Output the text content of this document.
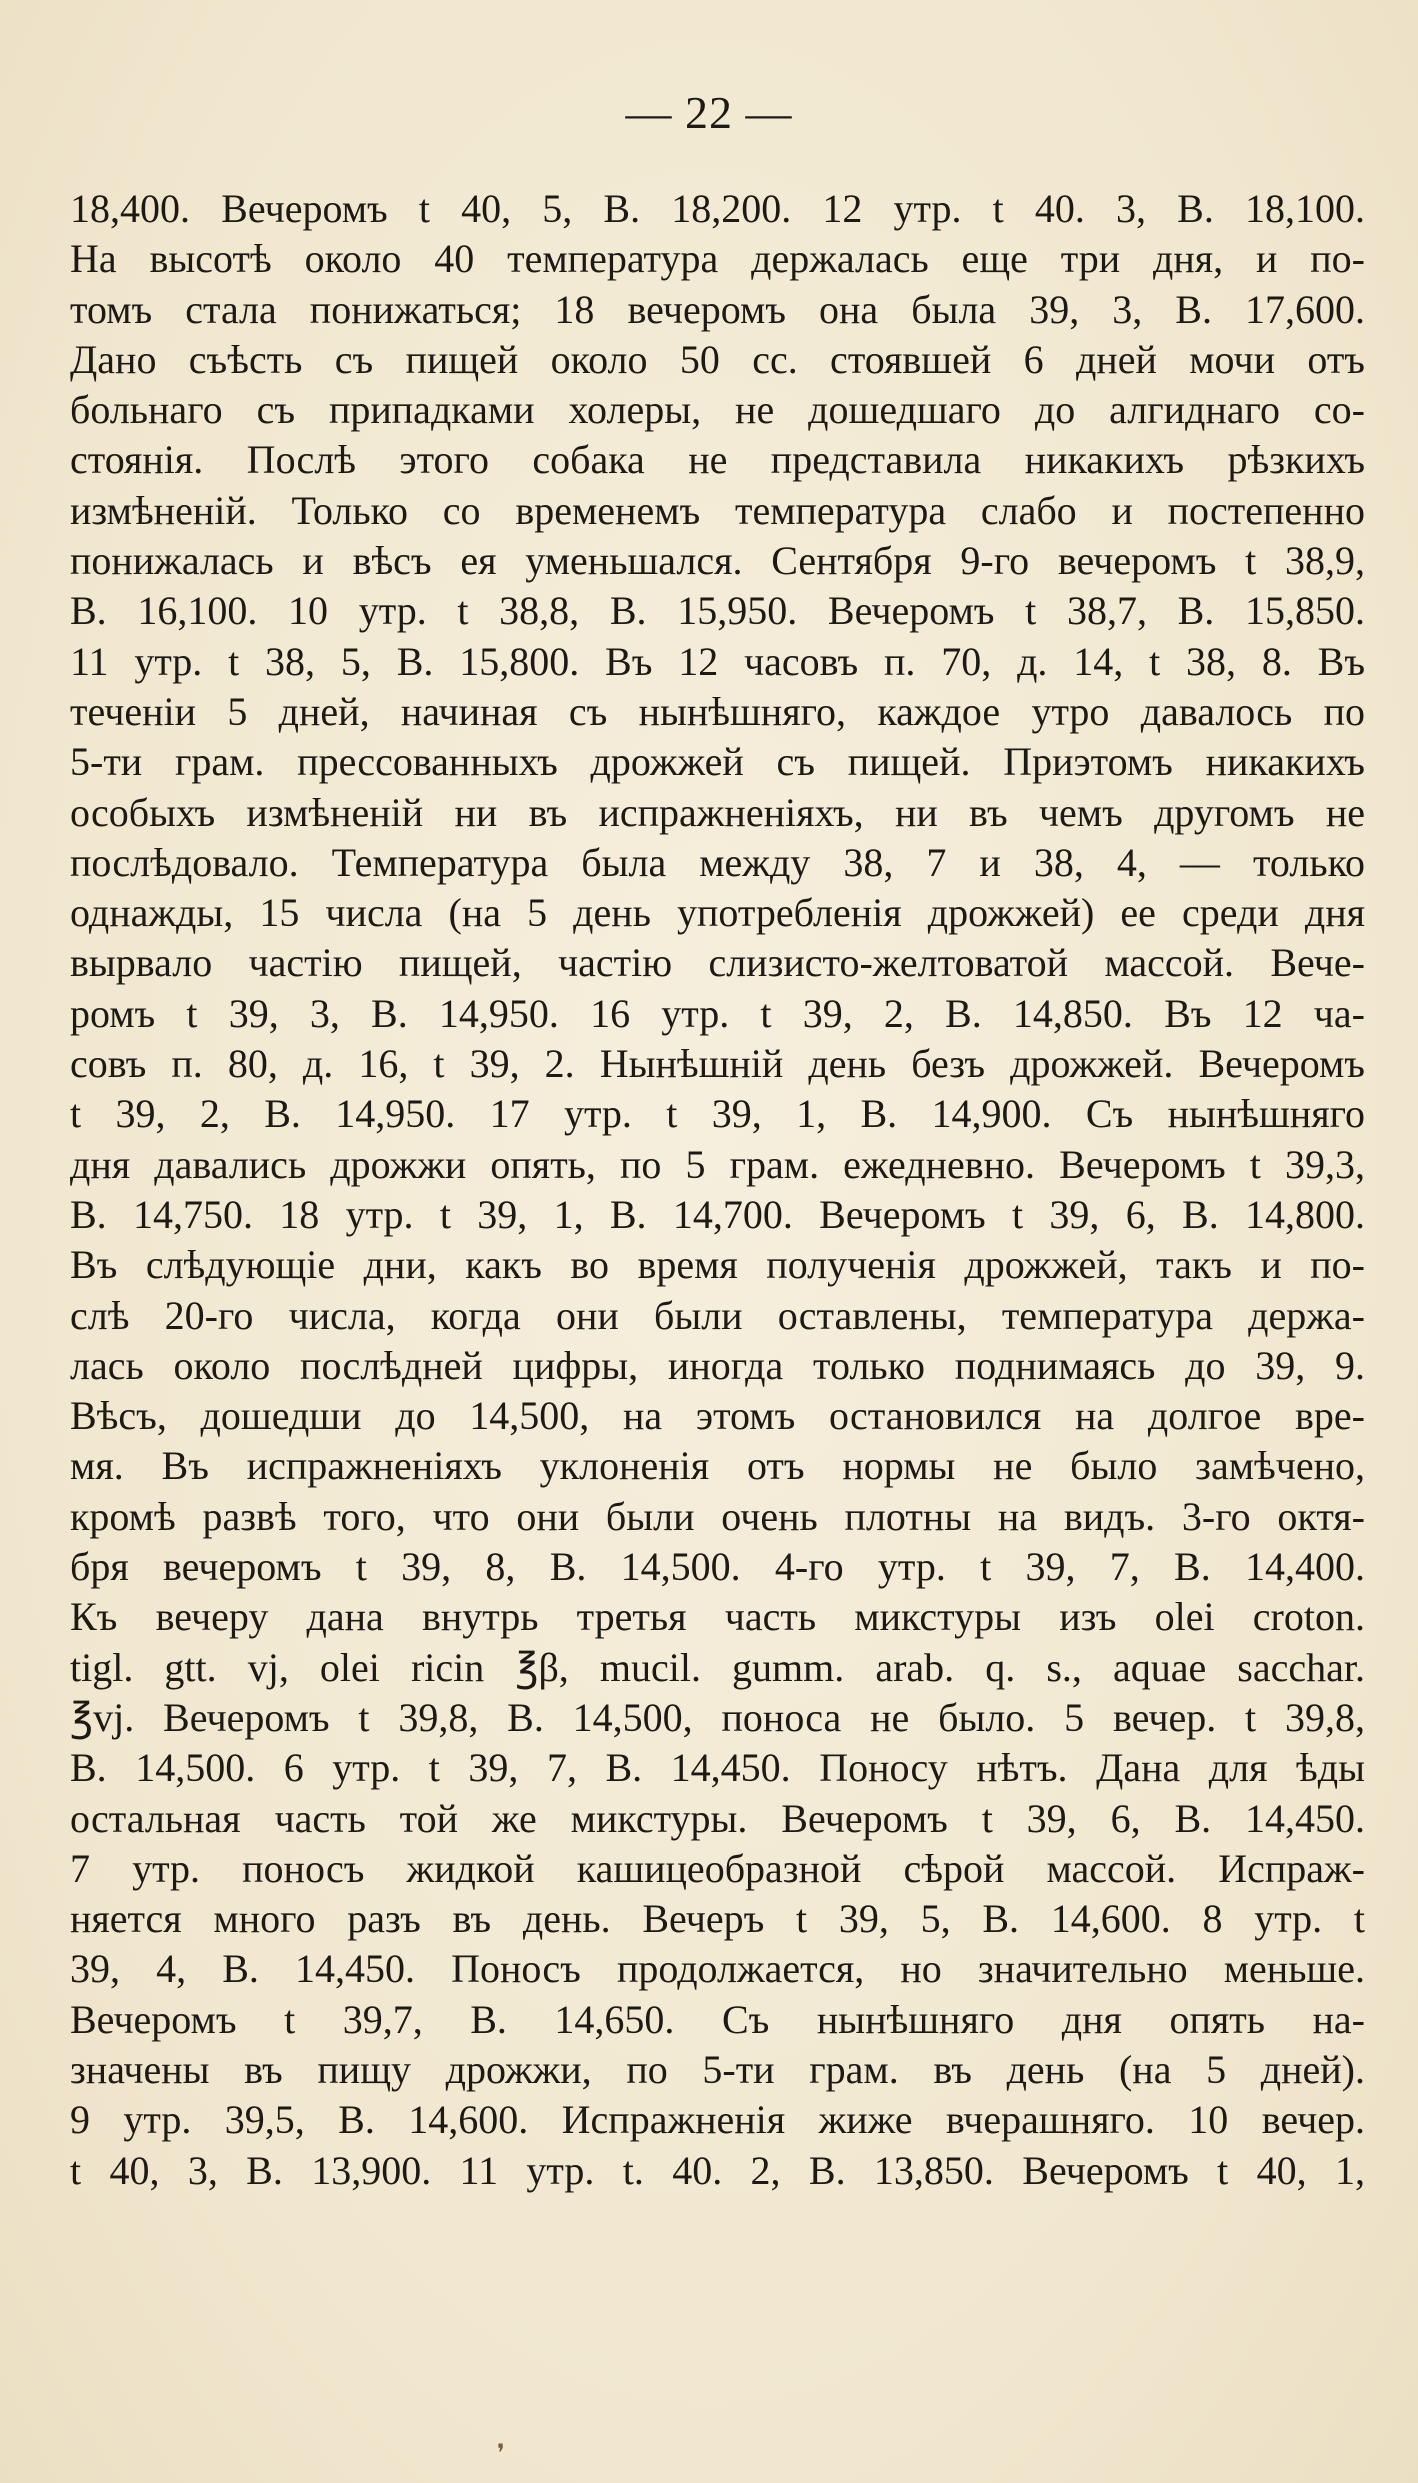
— 22 —
18,400. Вечеромъ t 40, 5, В. 18,200. 12 утр. t 40. 3, В. 18,100.
На высотѣ около 40 температура держалась еще три дня, и по-
томъ стала понижаться; 18 вечеромъ она была 39, 3, В. 17,600.
Дано съѣсть съ пищей около 50 сс. стоявшей 6 дней мочи отъ
больнаго съ припадками холеры, не дошедшаго до алгиднаго со-
стоянія. Послѣ этого собака не представила никакихъ рѣзкихъ
измѣненій. Только со временемъ температура слабо и постепенно
понижалась и вѣсъ ея уменьшался. Сентября 9-го вечеромъ t 38,9,
В. 16,100. 10 утр. t 38,8, В. 15,950. Вечеромъ t 38,7, В. 15,850.
11 утр. t 38, 5, В. 15,800. Въ 12 часовъ п. 70, д. 14, t 38, 8. Въ
теченіи 5 дней, начиная съ нынѣшняго, каждое утро давалось по
5-ти грам. прессованныхъ дрожжей съ пищей. Приэтомъ никакихъ
особыхъ измѣненій ни въ испражненіяхъ, ни въ чемъ другомъ не
послѣдовало. Температура была между 38, 7 и 38, 4, — только
однажды, 15 числа (на 5 день употребленія дрожжей) ее среди дня
вырвало частію пищей, частію слизисто-желтоватой массой. Вече-
ромъ t 39, 3, В. 14,950. 16 утр. t 39, 2, В. 14,850. Въ 12 ча-
совъ п. 80, д. 16, t 39, 2. Нынѣшній день безъ дрожжей. Вечеромъ
t 39, 2, В. 14,950. 17 утр. t 39, 1, В. 14,900. Съ нынѣшняго
дня давались дрожжи опять, по 5 грам. ежедневно. Вечеромъ t 39,3,
В. 14,750. 18 утр. t 39, 1, В. 14,700. Вечеромъ t 39, 6, В. 14,800.
Въ слѣдующіе дни, какъ во время полученія дрожжей, такъ и по-
слѣ 20-го числа, когда они были оставлены, температура держа-
лась около послѣдней цифры, иногда только поднимаясь до 39, 9.
Вѣсъ, дошедши до 14,500, на этомъ остановился на долгое вре-
мя. Въ испражненіяхъ уклоненія отъ нормы не было замѣчено,
кромѣ развѣ того, что они были очень плотны на видъ. 3-го октя-
бря вечеромъ t 39, 8, В. 14,500. 4-го утр. t 39, 7, В. 14,400.
Къ вечеру дана внутрь третья часть микстуры изъ olei croton.
tigl. gtt. vj, olei ricin ℥β, mucil. gumm. arab. q. s., aquae sacchar.
℥vj. Вечеромъ t 39,8, В. 14,500, поноса не было. 5 вечер. t 39,8,
В. 14,500. 6 утр. t 39, 7, В. 14,450. Поносу нѣтъ. Дана для ѣды
остальная часть той же микстуры. Вечеромъ t 39, 6, В. 14,450.
7 утр. поносъ жидкой кашицеобразной сѣрой массой. Испраж-
няется много разъ въ день. Вечеръ t 39, 5, В. 14,600. 8 утр. t
39, 4, В. 14,450. Поносъ продолжается, но значительно меньше.
Вечеромъ t 39,7, В. 14,650. Съ нынѣшняго дня опять на-
значены въ пищу дрожжи, по 5-ти грам. въ день (на 5 дней).
9 утр. 39,5, В. 14,600. Испражненія жиже вчерашняго. 10 вечер.
t 40, 3, В. 13,900. 11 утр. t. 40. 2, В. 13,850. Вечеромъ t 40, 1,
❜
